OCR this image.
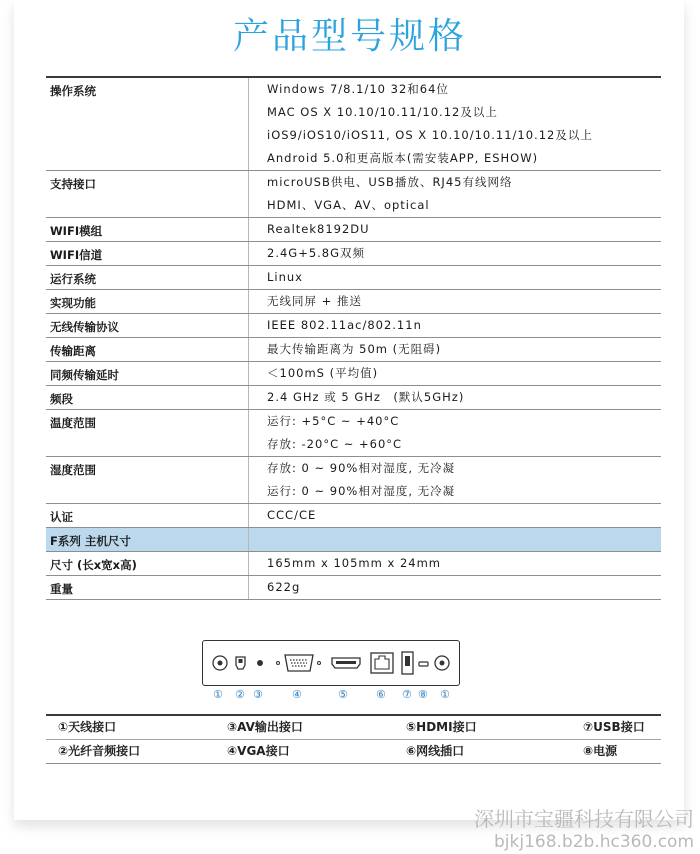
产品型号规格
操作系统	Windows 7/8.1/10 32和64位
MAC OS X 10.10/10.11/10.12及以上
iOS9/iOS10/iOS11, OS X 10.10/10.11/10.12及以上
Android 5.0和更高版本(需安装APP, ESHOW)

支持接口	microUSB供电、USB播放、RJ45有线网络
HDMI、VGA、AV、optical

WIFI模组	Realtek8192DU

WIFI信道	2.4G+5.8G双频

运行系统	Linux

实现功能	无线同屏 + 推送

无线传输协议	IEEE 802.11ac/802.11n

传输距离	最大传输距离为 50m (无阻碍)

同频传输延时	＜100mS (平均值)

频段	2.4 GHz 或 5 GHz　(默认5GHz)

温度范围	运行: +5°C ~ +40°C
存放: -20°C ~ +60°C

湿度范围	存放: 0 ~ 90%相对湿度, 无冷凝
运行: 0 ~ 90%相对湿度, 无冷凝

认证	CCC/CE

F系列 主机尺寸	

尺寸 (长x宽x高)	165mm x 105mm x 24mm

重量	622g
① ② ③	④	⑤	⑥ ⑦ ⑧ ①
①天线接口	③AV输出接口	⑤HDMI接口	⑦USB接口
②光纤音频接口	④VGA接口	⑥网线插口	⑧电源
深圳市宝疆科技有限公司
bjkj168.b2b.hc360.com
